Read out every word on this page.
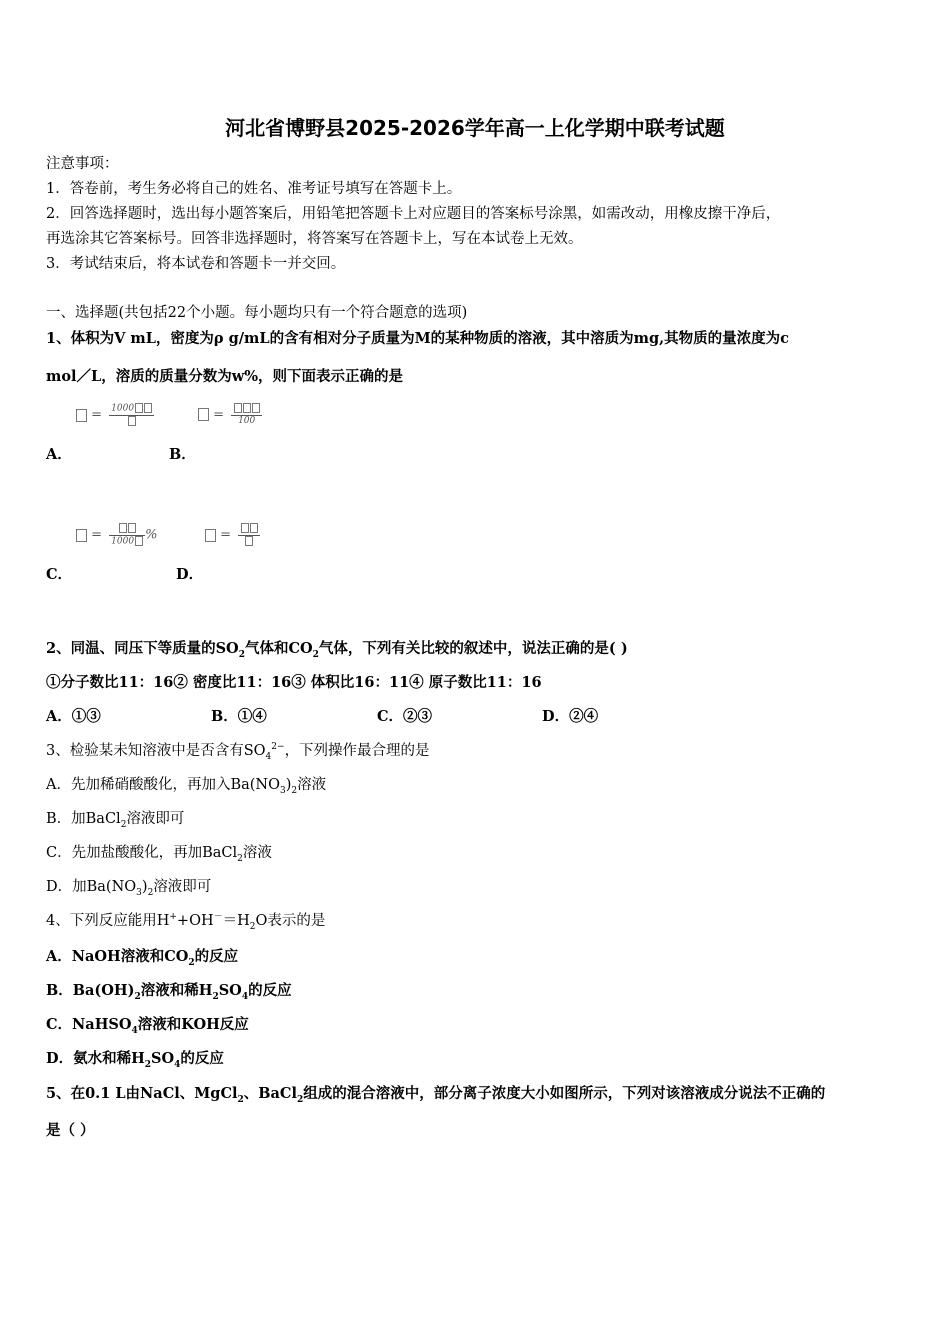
河北省博野县2025-2026学年高一上化学期中联考试题
注意事项：
1．答卷前，考生务必将自己的姓名、准考证号填写在答题卡上。
2．回答选择题时，选出每小题答案后，用铅笔把答题卡上对应题目的答案标号涂黑，如需改动，用橡皮擦干净后，
再选涂其它答案标号。回答非选择题时，将答案写在答题卡上，写在本试卷上无效。
3．考试结束后，将本试卷和答题卡一并交回。
一、选择题(共包括22个小题。每小题均只有一个符合题意的选项)
1、体积为V mL，密度为ρ g/mL的含有相对分子质量为M的某种物质的溶液，其中溶质为mg,其物质的量浓度为c
mol／L，溶质的质量分数为w%，则下面表示正确的是
= 1000	=	100
A．	B．
= 1000 %	=
C．	D．
2、同温、同压下等质量的$SO_2$气体和$CO_2$气体，下列有关比较的叙述中，说法正确的是( )
①分子数比11：16② 密度比11：16③ 体积比16：11④ 原子数比11：16
A．①③	B．①④	C．②③	D．②④
3、检验某未知溶液中是否含有$SO_4^{2-}$，下列操作最合理的是
A．先加稀硝酸酸化，再加入$Ba(NO_3)_2$溶液
B．加BaCl$_2$溶液即可
C．先加盐酸酸化，再加BaCl$_2$溶液
D．加$Ba(NO_3)_2$溶液即可
4、下列反应能用$H^++OH^-=H_2O$表示的是
A．NaOH溶液和$CO_2$的反应
B．$Ba(OH)_2$溶液和稀$H_2SO_4$的反应
C．NaHSO$_4$溶液和KOH反应
D．氨水和稀$H_2SO_4$的反应
5、在0.1 L由NaCl、MgCl$_2$、BaCl$_2$组成的混合溶液中，部分离子浓度大小如图所示，下列对该溶液成分说法不正确的
是（ ）
